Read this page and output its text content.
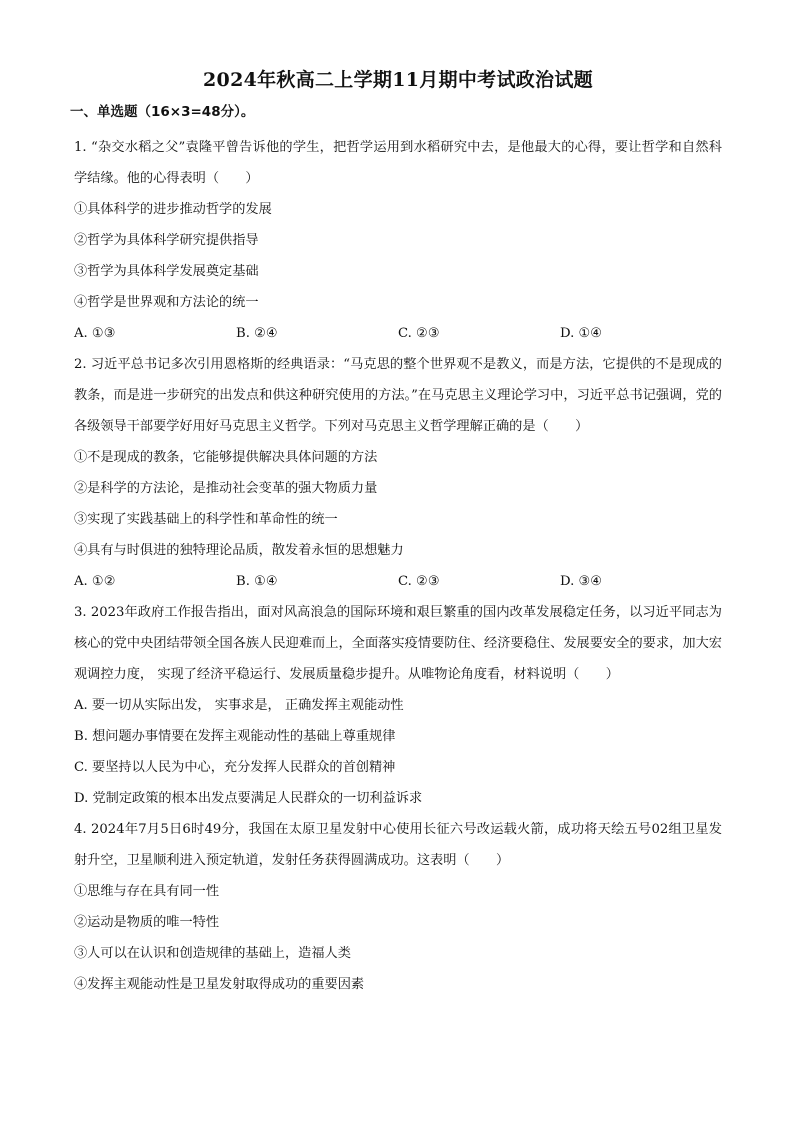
2024年秋高二上学期11月期中考试政治试题
一、单选题（16×3=48分）。

1. “杂交水稻之父”袁隆平曾告诉他的学生，把哲学运用到水稻研究中去，是他最大的心得，要让哲学和自然科学结缘。他的心得表明（　　）

①具体科学的进步推动哲学的发展

②哲学为具体科学研究提供指导

③哲学为具体科学发展奠定基础

④哲学是世界观和方法论的统一

A. ①③	B. ②④	C. ②③	D. ①④

2. 习近平总书记多次引用恩格斯的经典语录：“马克思的整个世界观不是教义，而是方法，它提供的不是现成的教条，而是进一步研究的出发点和供这种研究使用的方法。”在马克思主义理论学习中，习近平总书记强调，党的各级领导干部要学好用好马克思主义哲学。下列对马克思主义哲学理解正确的是（　　）

①不是现成的教条，它能够提供解决具体问题的方法

②是科学的方法论，是推动社会变革的强大物质力量

③实现了实践基础上的科学性和革命性的统一

④具有与时俱进的独特理论品质，散发着永恒的思想魅力

A. ①②	B. ①④	C. ②③	D. ③④

3. 2023年政府工作报告指出，面对风高浪急的国际环境和艰巨繁重的国内改革发展稳定任务，以习近平同志为核心的党中央团结带领全国各族人民迎难而上，全面落实疫情要防住、经济要稳住、发展要安全的要求，加大宏观调控力度， 实现了经济平稳运行、发展质量稳步提升。从唯物论角度看，材料说明（　　）

A. 要一切从实际出发， 实事求是， 正确发挥主观能动性

B. 想问题办事情要在发挥主观能动性的基础上尊重规律

C. 要坚持以人民为中心，充分发挥人民群众的首创精神

D. 党制定政策的根本出发点要满足人民群众的一切利益诉求

4. 2024年7月5日6时49分，我国在太原卫星发射中心使用长征六号改运载火箭，成功将天绘五号02组卫星发射升空，卫星顺利进入预定轨道，发射任务获得圆满成功。这表明（　　）

①思维与存在具有同一性

②运动是物质的唯一特性

③人可以在认识和创造规律的基础上，造福人类

④发挥主观能动性是卫星发射取得成功的重要因素
